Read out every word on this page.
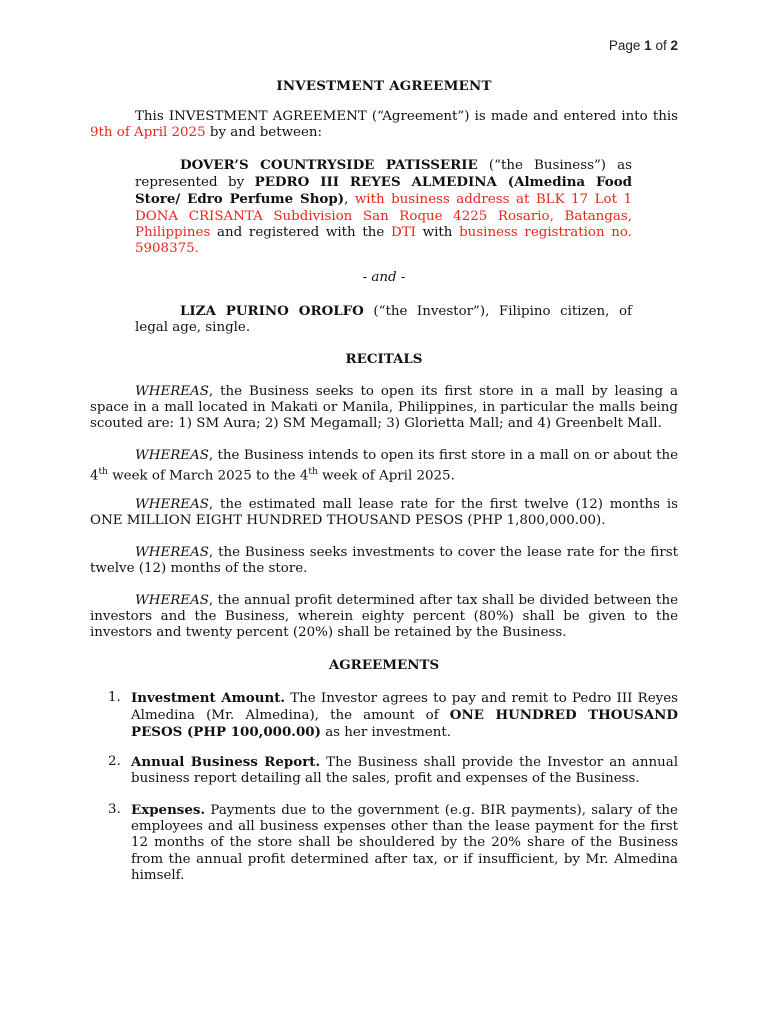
Page 1 of 2
INVESTMENT AGREEMENT

This INVESTMENT AGREEMENT (“Agreement”) is made and entered into this 9th of April 2025 by and between:

DOVER’S COUNTRYSIDE PATISSERIE (“the Business”) as represented by PEDRO III REYES ALMEDINA (Almedina Food Store/ Edro Perfume Shop), with business address at BLK 17 Lot 1 DONA CRISANTA Subdivision San Roque 4225 Rosario, Batangas, Philippines and registered with the DTI with business registration no. 5908375.

- and -

LIZA PURINO OROLFO (“the Investor”), Filipino citizen, of legal age, single.

RECITALS

WHEREAS, the Business seeks to open its first store in a mall by leasing a space in a mall located in Makati or Manila, Philippines, in particular the malls being scouted are: 1) SM Aura; 2) SM Megamall; 3) Glorietta Mall; and 4) Greenbelt Mall.

WHEREAS, the Business intends to open its first store in a mall on or about the 4th week of March 2025 to the 4th week of April 2025.

WHEREAS, the estimated mall lease rate for the first twelve (12) months is ONE MILLION EIGHT HUNDRED THOUSAND PESOS (PHP 1,800,000.00).

WHEREAS, the Business seeks investments to cover the lease rate for the first twelve (12) months of the store.

WHEREAS, the annual profit determined after tax shall be divided between the investors and the Business, wherein eighty percent (80%) shall be given to the investors and twenty percent (20%) shall be retained by the Business.

AGREEMENTS
1. Investment Amount. The Investor agrees to pay and remit to Pedro III Reyes Almedina (Mr. Almedina), the amount of ONE HUNDRED THOUSAND PESOS (PHP 100,000.00) as her investment.

2. Annual Business Report. The Business shall provide the Investor an annual business report detailing all the sales, profit and expenses of the Business.

3. Expenses. Payments due to the government (e.g. BIR payments), salary of the employees and all business expenses other than the lease payment for the first 12 months of the store shall be shouldered by the 20% share of the Business from the annual profit determined after tax, or if insufficient, by Mr. Almedina himself.
